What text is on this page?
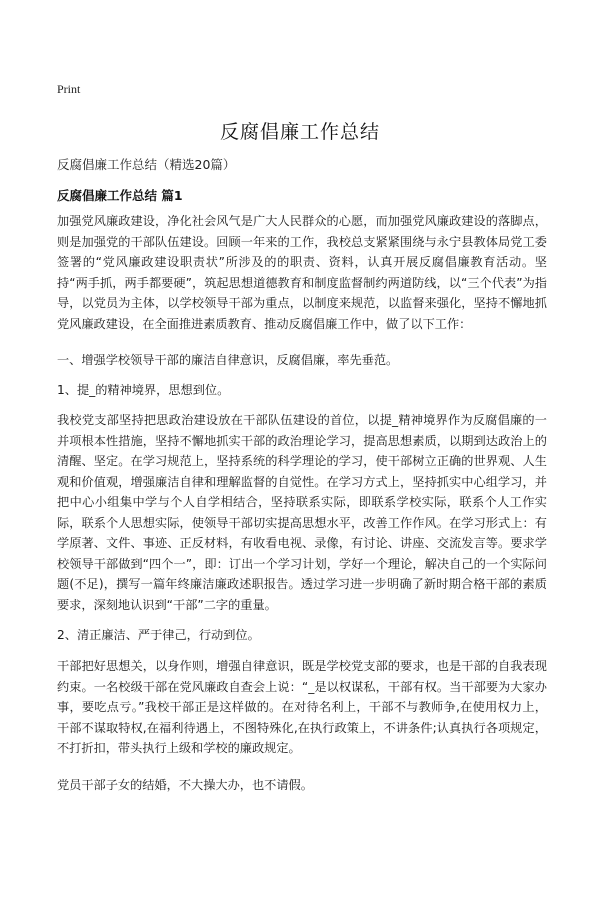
Print
反腐倡廉工作总结
反腐倡廉工作总结（精选20篇）
反腐倡廉工作总结 篇1

加强党风廉政建设，净化社会风气是广大人民群众的心愿，而加强党风廉政建设的落脚点，则是加强党的干部队伍建设。回顾一年来的工作，我校总支紧紧围绕与永宁县教体局党工委签署的“党风廉政建设职责状”所涉及的的职责、资料，认真开展反腐倡廉教育活动。坚持“两手抓，两手都要硬”，筑起思想道德教育和制度监督制约两道防线，以“三个代表”为指导，以党员为主体，以学校领导干部为重点，以制度来规范，以监督来强化，坚持不懈地抓党风廉政建设，在全面推进素质教育、推动反腐倡廉工作中，做了以下工作：

一、增强学校领导干部的廉洁自律意识，反腐倡廉，率先垂范。

1、提_的精神境界，思想到位。

我校党支部坚持把思政治建设放在干部队伍建设的首位，以提_精神境界作为反腐倡廉的一并项根本性措施，坚持不懈地抓实干部的政治理论学习，提高思想素质，以期到达政治上的清醒、坚定。在学习规范上，坚持系统的科学理论的学习，使干部树立正确的世界观、人生观和价值观，增强廉洁自律和理解监督的自觉性。在学习方式上，坚持抓实中心组学习，并把中心小组集中学与个人自学相结合，坚持联系实际，即联系学校实际，联系个人工作实际，联系个人思想实际，使领导干部切实提高思想水平，改善工作作风。在学习形式上：有学原著、文件、事迹、正反材料，有收看电视、录像，有讨论、讲座、交流发言等。要求学校领导干部做到“四个一”，即：订出一个学习计划，学好一个理论，解决自己的一个实际问题(不足)，撰写一篇年终廉洁廉政述职报告。透过学习进一步明确了新时期合格干部的素质要求，深刻地认识到“干部”二字的重量。

2、清正廉洁、严于律己，行动到位。

干部把好思想关，以身作则，增强自律意识，既是学校党支部的要求，也是干部的自我表现约束。一名校级干部在党风廉政自查会上说：“_是以权谋私，干部有权。当干部要为大家办事，要吃点亏。”我校干部正是这样做的。在对待名利上，干部不与教师争,在使用权力上，干部不谋取特权,在福利待遇上，不图特殊化,在执行政策上，不讲条件;认真执行各项规定，不打折扣，带头执行上级和学校的廉政规定。

党员干部子女的结婚，不大操大办，也不请假。
